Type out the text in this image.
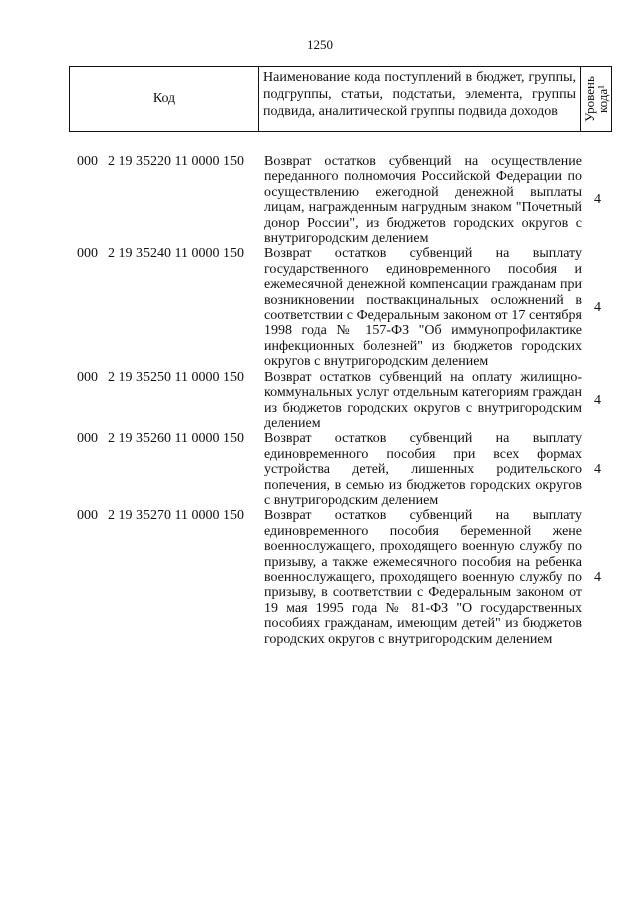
1250
Код
Наименование кода поступлений в бюджет, группы, подгруппы, статьи, подстатьи, элемента, группы подвида, аналитической группы подвида доходов	Уровень кода¹
000 2 19 35220 11 0000 150 Возврат остатков субвенций на осуществление переданного полномочия Российской Федерации по осуществлению ежегодной денежной выплаты лицам, награжденным нагрудным знаком "Почетный донор России", из бюджетов городских округов с внутригородским делением
4
000 2 19 35240 11 0000 150 Возврат остатков субвенций на выплату государственного единовременного пособия и ежемесячной денежной компенсации гражданам при возникновении поствакцинальных осложнений в соответствии с Федеральным законом от 17 сентября 1998 года № 157-ФЗ "Об иммунопрофилактике инфекционных болезней" из бюджетов городских округов с внутригородским делением
4
000 2 19 35250 11 0000 150 Возврат остатков субвенций на оплату жилищно-коммунальных услуг отдельным категориям граждан из бюджетов городских округов с внутригородским делением
4
000 2 19 35260 11 0000 150 Возврат остатков субвенций на выплату единовременного пособия при всех формах устройства детей, лишенных родительского попечения, в семью из бюджетов городских округов с внутригородским делением
4
000 2 19 35270 11 0000 150 Возврат остатков субвенций на выплату единовременного пособия беременной жене военнослужащего, проходящего военную службу по призыву, а также ежемесячного пособия на ребенка военнослужащего, проходящего военную службу по призыву, в соответствии с Федеральным законом от 19 мая 1995 года № 81-ФЗ "О государственных пособиях гражданам, имеющим детей" из бюджетов городских округов с внутригородским делением
4
